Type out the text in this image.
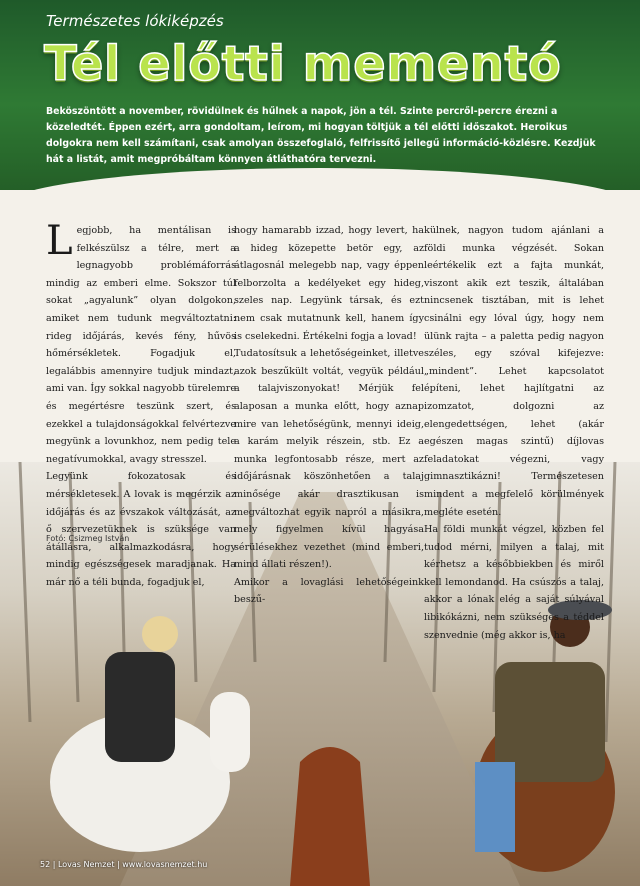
Természetes lókiképzés
Tél előtti mementó
Beköszöntött a november, rövidülnek és hűlnek a napok, jön a tél. Szinte percről-percre érezni a közeledtét. Éppen ezért, arra gondoltam, leírom, mi hogyan töltjük a tél előtti időszakot. Heroikus dolgokra nem kell számítani, csak amolyan összefoglaló, felfrissítő jellegű információ-közlésre. Kezdjük hát a listát, amit megpróbáltam könnyen átláthatóra tervezni.
L egjobb, ha mentálisan is felkészülsz a télre, mert a legnagyobb problémáforrás mindig az emberi elme. Sokszor túl sokat „agyalunk” olyan dolgokon, amiket nem tudunk megváltoztatni: rideg időjárás, kevés fény, hűvös hőmérsékletek. Fogadjuk el, legalábbis amennyire tudjuk mindazt, ami van. Így sokkal nagyobb türelemre és megértésre teszünk szert, és ezekkel a tulajdonságokkal felvértezve megyünk a lovunkhoz, nem pedig tele negatívumokkal, avagy stresszel.

Legyünk fokozatosak és mérsékletesek. A lovak is megérzik az időjárás és az évszakok változását, az ő szervezetüknek is szüksége van átállásra, alkalmazkodásra, hogy mindig egészségesek maradjanak. Ha már nő a téli bunda, fogadjuk el,

hogy hamarabb izzad, hogy levert, ha a hideg közepette betör egy, az átlagosnál melegebb nap, vagy éppen felborzolta a kedélyeket egy hideg, szeles nap. Legyünk társak, és ezt nem csak mutatnunk kell, hanem így is cselekedni. Értékelni fogja a lovad!

Tudatosítsuk a lehetőségeinket, illetve azok beszűkült voltát, vegyük például a talajviszonyokat! Mérjük fel alaposan a munka előtt, hogy aznap mire van lehetőségünk, mennyi ideig, a karám melyik részein, stb. Ez a munka legfontosabb része, mert az időjárásnak köszönhetően a talaj minősége akár drasztikusan is megváltozhat egyik napról a másikra, mely figyelmen kívül hagyása sérülésekhez vezethet (mind emberi, mind állati részen!).

Amikor a lovaglási lehetőségeink beszű-

külnek, nagyon tudom ajánlani a földi munka végzését. Sokan leértékelik ezt a fajta munkát, viszont akik ezt teszik, általában nincsenek tisztában, mit is lehet csinálni egy lóval úgy, hogy nem ülünk rajta – a paletta pedig nagyon széles, egy szóval kifejezve: „mindent”. Lehet kapcsolatot építeni, lehet hajlítgatni az izomzatot, dolgozni az elengedettségen, lehet (akár egészen magas szintű) díjlovas feladatokat végezni, vagy gimnasztikázni! Természetesen mindent a megfelelő körülmények megléte esetén.

Ha földi munkát végzel, közben fel tudod mérni, milyen a talaj, mit kérhetsz a későbbiekben és miről kell lemondanod. Ha csúszós a talaj, akkor a lónak elég a saját súlyával libikókázni, nem szükséges a téddel szenvednie (még akkor is, ha

Fotó: Csizmeg István
52 | Lovas Nemzet | www.lovasnemzet.hu
